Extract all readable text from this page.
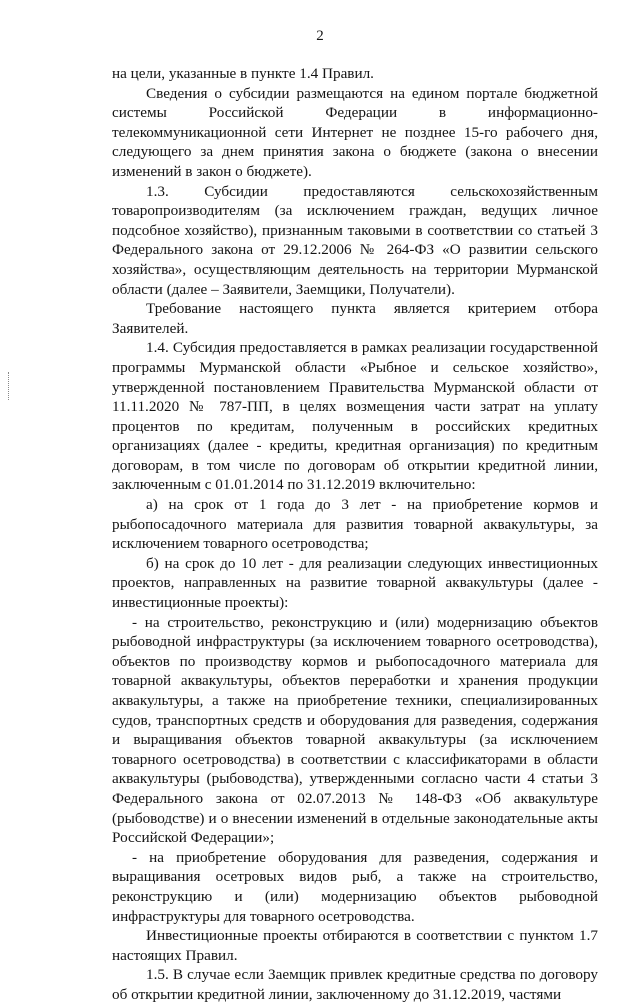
2

на цели, указанные в пункте 1.4 Правил.

Сведения о субсидии размещаются на едином портале бюджетной системы Российской Федерации в информационно-телекоммуникационной сети Интернет не позднее 15-го рабочего дня, следующего за днем принятия закона о бюджете (закона о внесении изменений в закон о бюджете).

1.3. Субсидии предоставляются сельскохозяйственным товаропроизводителям (за исключением граждан, ведущих личное подсобное хозяйство), признанным таковыми в соответствии со статьей 3 Федерального закона от 29.12.2006 № 264-ФЗ «О развитии сельского хозяйства», осуществляющим деятельность на территории Мурманской области (далее – Заявители, Заемщики, Получатели).

Требование настоящего пункта является критерием отбора Заявителей.

1.4. Субсидия предоставляется в рамках реализации государственной программы Мурманской области «Рыбное и сельское хозяйство», утвержденной постановлением Правительства Мурманской области от 11.11.2020 № 787-ПП, в целях возмещения части затрат на уплату процентов по кредитам, полученным в российских кредитных организациях (далее - кредиты, кредитная организация) по кредитным договорам, в том числе по договорам об открытии кредитной линии, заключенным с 01.01.2014 по 31.12.2019 включительно:

а) на срок от 1 года до 3 лет - на приобретение кормов и рыбопосадочного материала для развития товарной аквакультуры, за исключением товарного осетроводства;

б) на срок до 10 лет - для реализации следующих инвестиционных проектов, направленных на развитие товарной аквакультуры (далее - инвестиционные проекты):

- на строительство, реконструкцию и (или) модернизацию объектов рыбоводной инфраструктуры (за исключением товарного осетроводства), объектов по производству кормов и рыбопосадочного материала для товарной аквакультуры, объектов переработки и хранения продукции аквакультуры, а также на приобретение техники, специализированных судов, транспортных средств и оборудования для разведения, содержания и выращивания объектов товарной аквакультуры (за исключением товарного осетроводства) в соответствии с классификаторами в области аквакультуры (рыбоводства), утвержденными согласно части 4 статьи 3 Федерального закона от 02.07.2013 № 148-ФЗ «Об аквакультуре (рыбоводстве) и о внесении изменений в отдельные законодательные акты Российской Федерации»;

- на приобретение оборудования для разведения, содержания и выращивания осетровых видов рыб, а также на строительство, реконструкцию и (или) модернизацию объектов рыбоводной инфраструктуры для товарного осетроводства.

Инвестиционные проекты отбираются в соответствии с пунктом 1.7 настоящих Правил.

1.5. В случае если Заемщик привлек кредитные средства по договору об открытии кредитной линии, заключенному до 31.12.2019, частями
